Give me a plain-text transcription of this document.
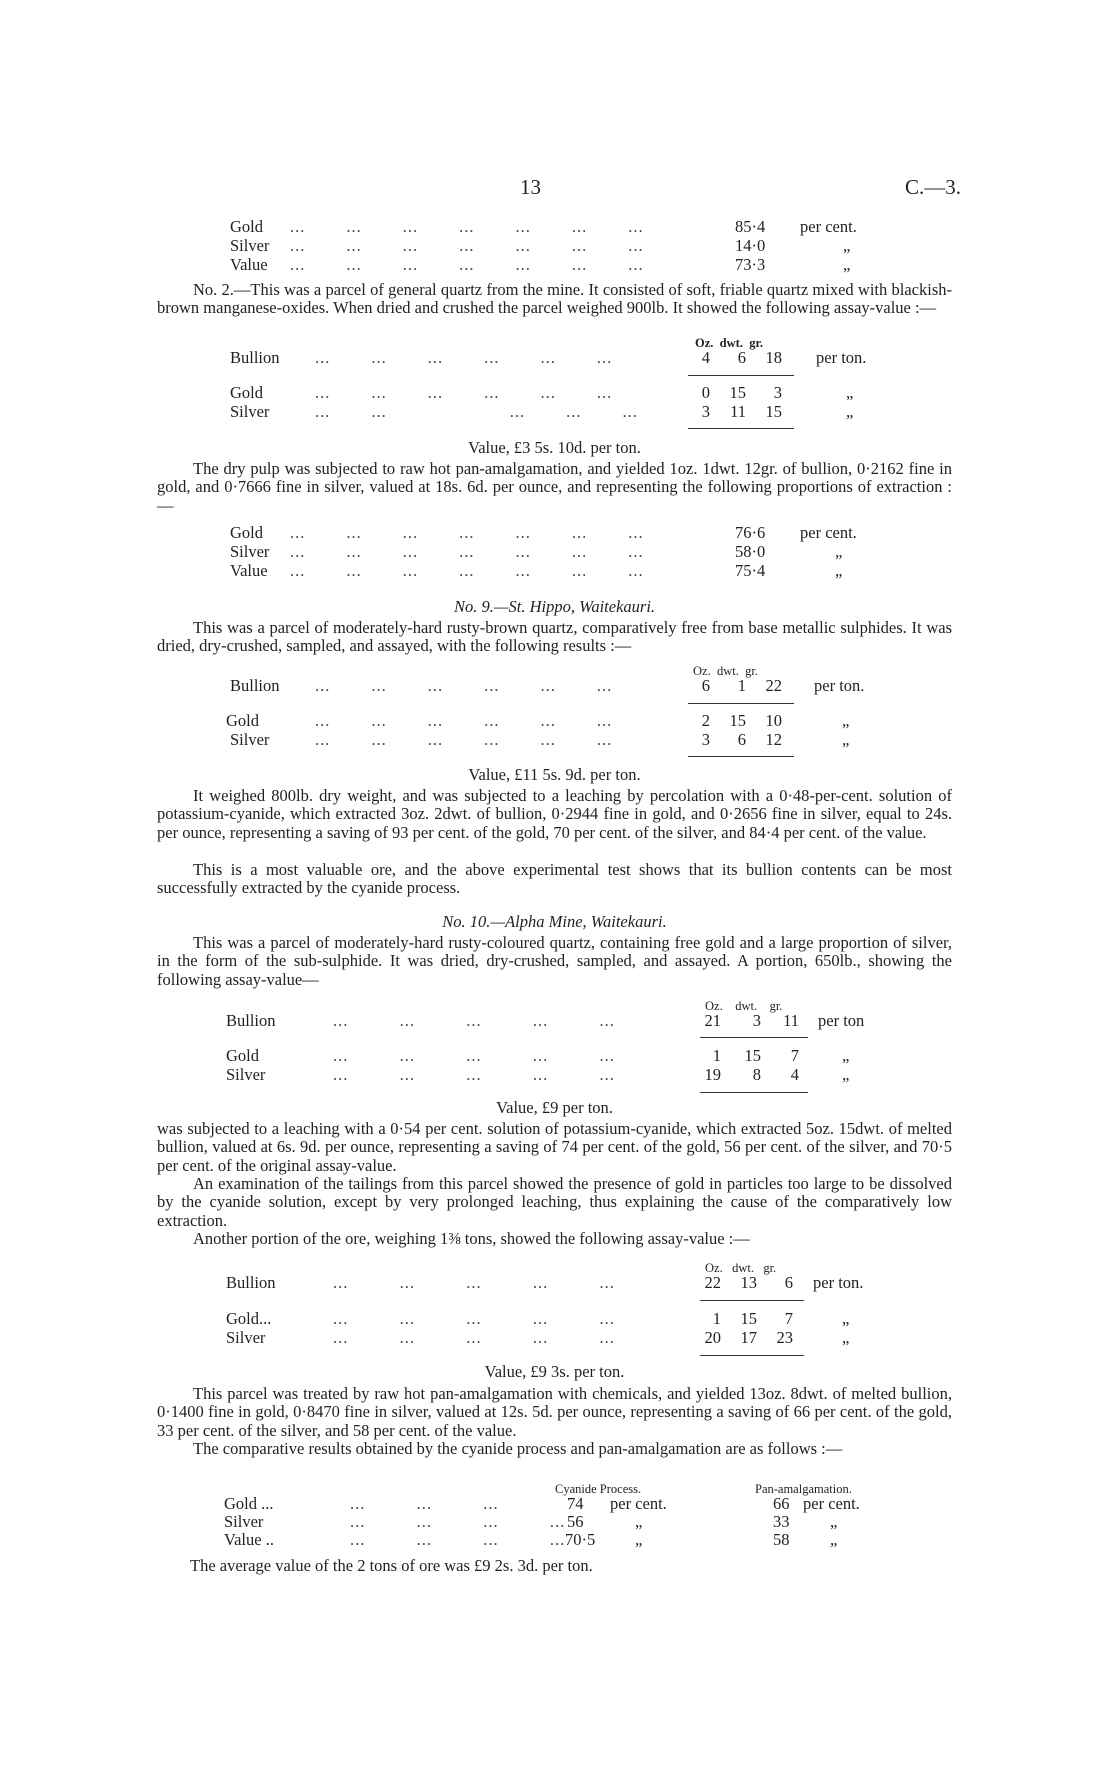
13	C.—3.
Gold ...        ...        ...        ...        ...        ...        ...	85·4 per cent.
Silver ...        ...        ...        ...        ...        ...        ...	14·0	„
Value ...        ...        ...        ...        ...        ...        ...	73·3	„
No. 2.—This was a parcel of general quartz from the mine. It consisted of soft, friable quartz mixed with blackish-brown manganese-oxides. When dried and crushed the parcel weighed 900lb. It showed the following assay-value :—
Oz. dwt. gr.
Bullion ...        ...        ...        ...        ...        ...	4 6 18 per ton.
Gold	...        ...        ...        ...        ...        ...	0 15 3	„
Silver	...        ...                        ...        ...        ...	3 11 15	„
Value, £3 5s. 10d. per ton.
The dry pulp was subjected to raw hot pan-amalgamation, and yielded 1oz. 1dwt. 12gr. of bullion, 0·2162 fine in gold, and 0·7666 fine in silver, valued at 18s. 6d. per ounce, and representing the following proportions of extraction :—
Gold ...        ...        ...        ...        ...        ...        ...	76·6 per cent.
Silver ...        ...        ...        ...        ...        ...        ...	58·0	„
Value ...        ...        ...        ...        ...        ...        ...	75·4	„
No. 9.—St. Hippo, Waitekauri.
This was a parcel of moderately-hard rusty-brown quartz, comparatively free from base metallic sulphides. It was dried, dry-crushed, sampled, and assayed, with the following results :—
Oz. dwt. gr.
Bullion ...        ...        ...        ...        ...        ...	6 1 22 per ton.
Gold	...        ...        ...        ...        ...        ...	2 15 10	„
Silver	...        ...        ...        ...        ...        ...	3 6 12	„
Value, £11 5s. 9d. per ton.
It weighed 800lb. dry weight, and was subjected to a leaching by percolation with a 0·48-per-cent. solution of potassium-cyanide, which extracted 3oz. 2dwt. of bullion, 0·2944 fine in gold, and 0·2656 fine in silver, equal to 24s. per ounce, representing a saving of 93 per cent. of the gold, 70 per cent. of the silver, and 84·4 per cent. of the value.
This is a most valuable ore, and the above experimental test shows that its bullion contents can be most successfully extracted by the cyanide process.
No. 10.—Alpha Mine, Waitekauri.
This was a parcel of moderately-hard rusty-coloured quartz, containing free gold and a large proportion of silver, in the form of the sub-sulphide. It was dried, dry-crushed, sampled, and assayed. A portion, 650lb., showing the following assay-value—
Oz. dwt. gr.
Bullion	...          ...          ...          ...          ...	21 3 11 per ton
Gold	...          ...          ...          ...          ...	1 15 7	„
Silver	...          ...          ...          ...          ...	19 8 4	„
Value, £9 per ton.
was subjected to a leaching with a 0·54 per cent. solution of potassium-cyanide, which extracted 5oz. 15dwt. of melted bullion, valued at 6s. 9d. per ounce, representing a saving of 74 per cent. of the gold, 56 per cent. of the silver, and 70·5 per cent. of the original assay-value.
An examination of the tailings from this parcel showed the presence of gold in particles too large to be dissolved by the cyanide solution, except by very prolonged leaching, thus explaining the cause of the comparatively low extraction.
Another portion of the ore, weighing 1⅜ tons, showed the following assay-value :—
Oz. dwt. gr.
Bullion	...          ...          ...          ...          ...	22 13 6 per ton.
Gold...	...          ...          ...          ...          ...	1 15 7	„
Silver	...          ...          ...          ...          ...	20 17 23	„
Value, £9 3s. per ton.
This parcel was treated by raw hot pan-amalgamation with chemicals, and yielded 13oz. 8dwt. of melted bullion, 0·1400 fine in gold, 0·8470 fine in silver, valued at 12s. 5d. per ounce, representing a saving of 66 per cent. of the gold, 33 per cent. of the silver, and 58 per cent. of the value.
The comparative results obtained by the cyanide process and pan-amalgamation are as follows :—
Cyanide Process.	Pan-amalgamation.
Gold ...	...          ...          ...	74 per cent.	66 per cent.
Silver	...          ...          ...          ... 56	„	33 „
Value ..	...          ...          ...          ... 70·5 „	58 „
The average value of the 2 tons of ore was £9 2s. 3d. per ton.
